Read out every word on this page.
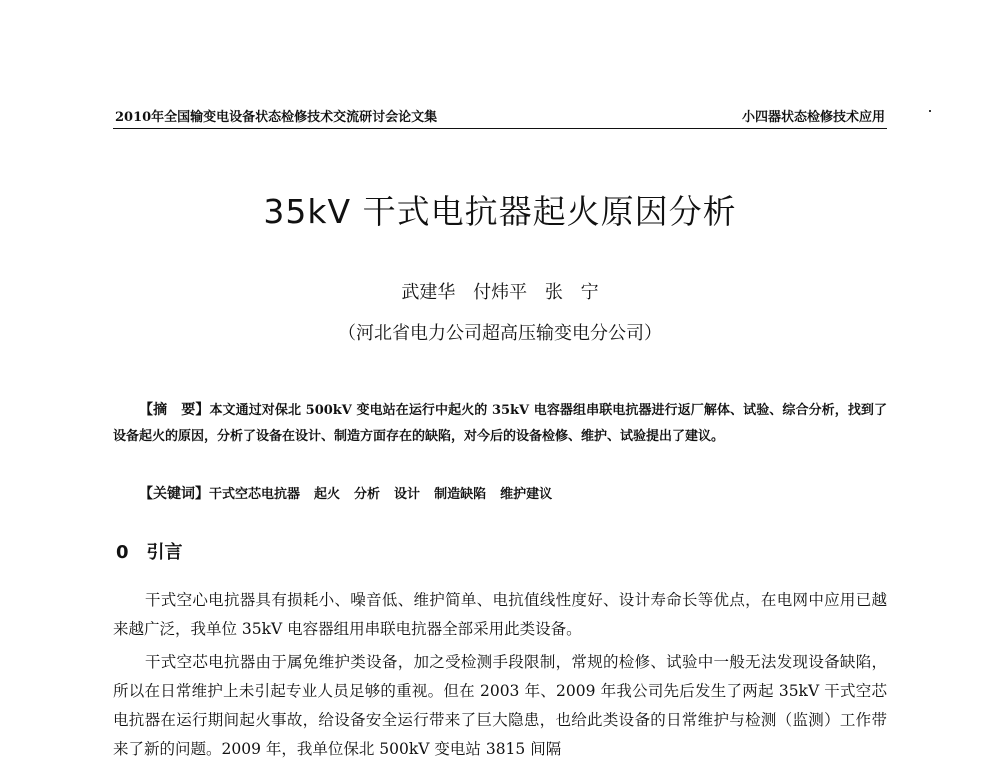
2010年全国输变电设备状态检修技术交流研讨会论文集	小四器状态检修技术应用
35kV 干式电抗器起火原因分析
武建华 付炜平 张 宁
（河北省电力公司超高压输变电分公司）
【摘　要】本文通过对保北 500kV 变电站在运行中起火的 35kV 电容器组串联电抗器进行返厂解体、试验、综合分析，找到了设备起火的原因，分析了设备在设计、制造方面存在的缺陷，对今后的设备检修、维护、试验提出了建议。
【关键词】干式空芯电抗器 起火 分析 设计 制造缺陷 维护建议
0 引言

干式空心电抗器具有损耗小、噪音低、维护简单、电抗值线性度好、设计寿命长等优点，在电网中应用已越来越广泛，我单位 35kV 电容器组用串联电抗器全部采用此类设备。

干式空芯电抗器由于属免维护类设备，加之受检测手段限制，常规的检修、试验中一般无法发现设备缺陷，所以在日常维护上未引起专业人员足够的重视。但在 2003 年、2009 年我公司先后发生了两起 35kV 干式空芯电抗器在运行期间起火事故，给设备安全运行带来了巨大隐患，也给此类设备的日常维护与检测（监测）工作带来了新的问题。2009 年，我单位保北 500kV 变电站 3815 间隔
